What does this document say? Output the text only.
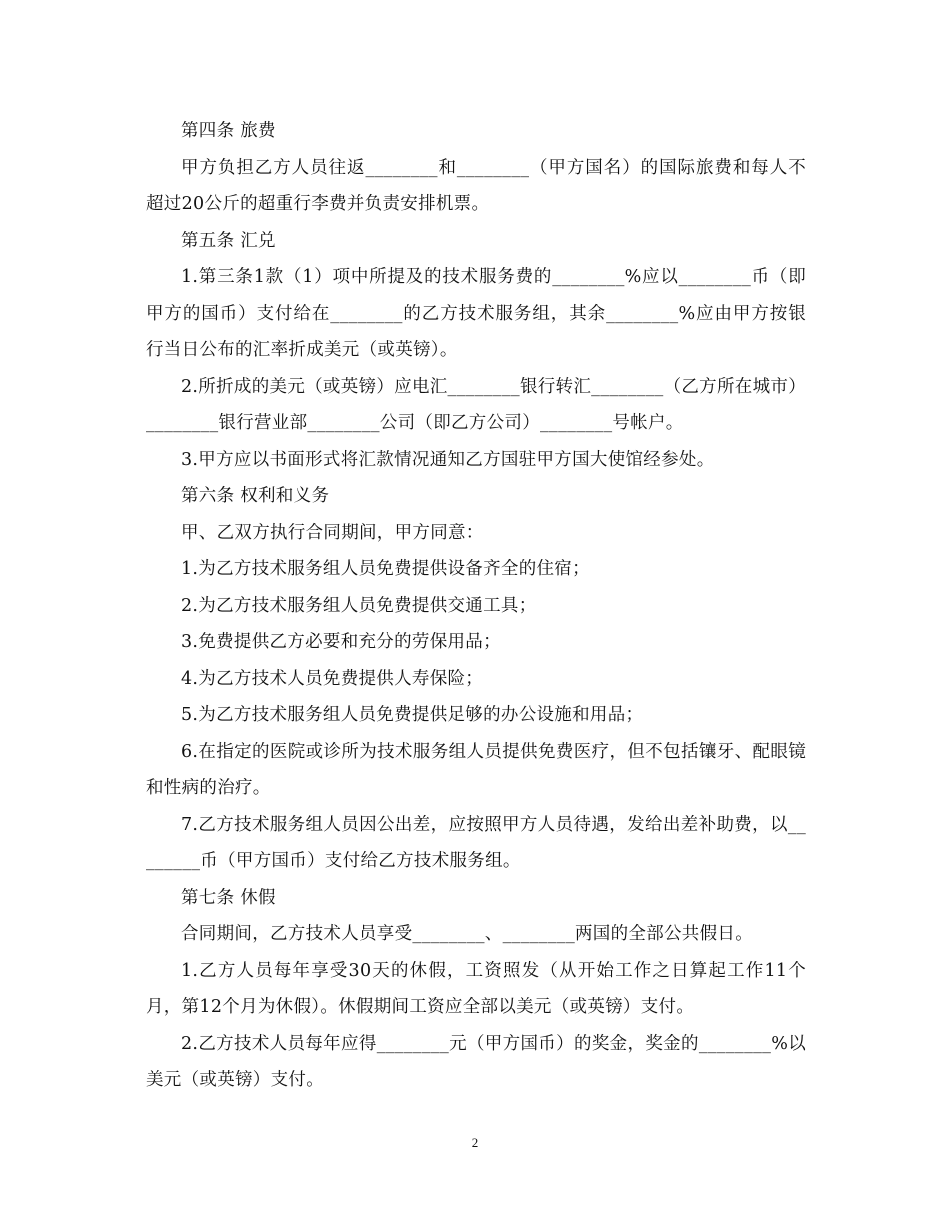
第四条 旅费

甲方负担乙方人员往返________和________（甲方国名）的国际旅费和每人不超过20公斤的超重行李费并负责安排机票。

第五条 汇兑

1.第三条1款（1）项中所提及的技术服务费的________%应以________币（即甲方的国币）支付给在________的乙方技术服务组，其余________%应由甲方按银行当日公布的汇率折成美元（或英镑）。

2.所折成的美元（或英镑）应电汇________银行转汇________（乙方所在城市）________银行营业部________公司（即乙方公司）________号帐户。

3.甲方应以书面形式将汇款情况通知乙方国驻甲方国大使馆经参处。

第六条 权利和义务

甲、乙双方执行合同期间，甲方同意：

1.为乙方技术服务组人员免费提供设备齐全的住宿；

2.为乙方技术服务组人员免费提供交通工具；

3.免费提供乙方必要和充分的劳保用品；

4.为乙方技术人员免费提供人寿保险；

5.为乙方技术服务组人员免费提供足够的办公设施和用品；

6.在指定的医院或诊所为技术服务组人员提供免费医疗，但不包括镶牙、配眼镜和性病的治疗。

7.乙方技术服务组人员因公出差，应按照甲方人员待遇，发给出差补助费，以________币（甲方国币）支付给乙方技术服务组。

第七条 休假

合同期间，乙方技术人员享受________、________两国的全部公共假日。

1.乙方人员每年享受30天的休假，工资照发（从开始工作之日算起工作11个月，第12个月为休假）。休假期间工资应全部以美元（或英镑）支付。

2.乙方技术人员每年应得________元（甲方国币）的奖金，奖金的________%以美元（或英镑）支付。

2
